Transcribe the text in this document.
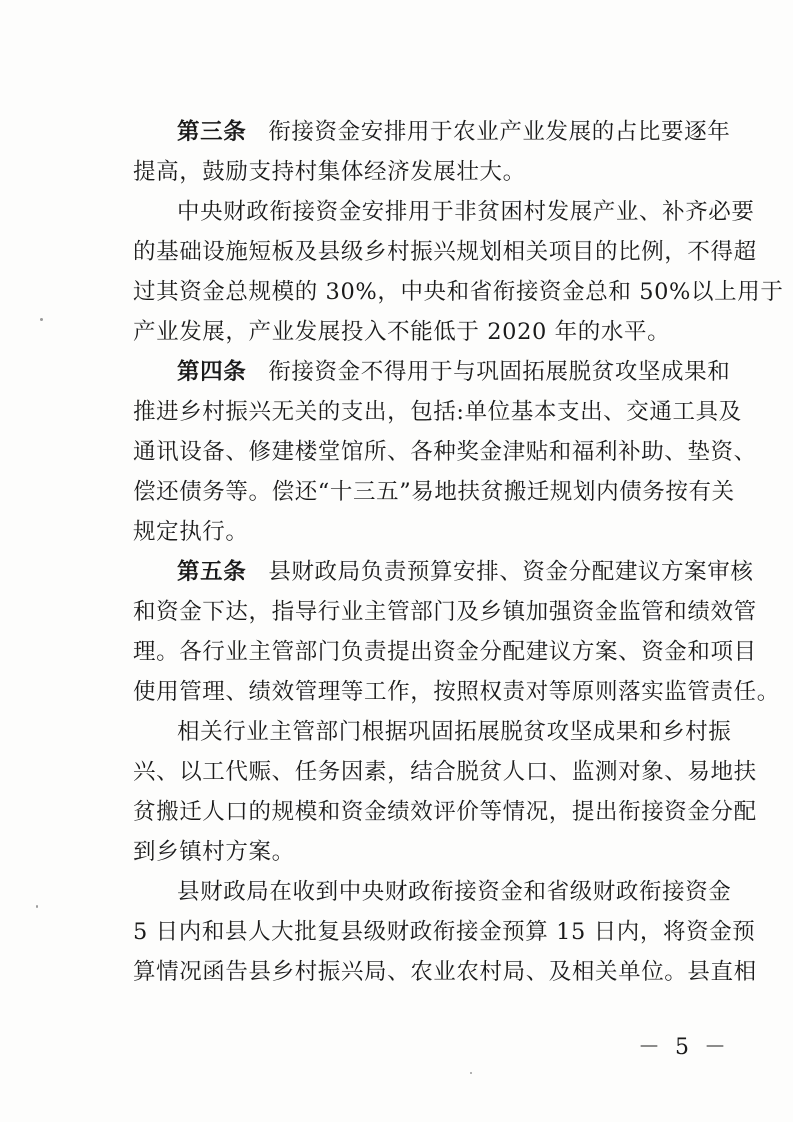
第三条 衔接资金安排用于农业产业发展的占比要逐年
提高，鼓励支持村集体经济发展壮大。
中央财政衔接资金安排用于非贫困村发展产业、补齐必要
的基础设施短板及县级乡村振兴规划相关项目的比例，不得超
过其资金总规模的 30%，中央和省衔接资金总和 50%以上用于
产业发展，产业发展投入不能低于 2020 年的水平。
第四条 衔接资金不得用于与巩固拓展脱贫攻坚成果和
推进乡村振兴无关的支出，包括:单位基本支出、交通工具及
通讯设备、修建楼堂馆所、各种奖金津贴和福利补助、垫资、
偿还债务等。偿还“十三五”易地扶贫搬迁规划内债务按有关
规定执行。
第五条 县财政局负责预算安排、资金分配建议方案审核
和资金下达，指导行业主管部门及乡镇加强资金监管和绩效管
理。各行业主管部门负责提出资金分配建议方案、资金和项目
使用管理、绩效管理等工作，按照权责对等原则落实监管责任。
相关行业主管部门根据巩固拓展脱贫攻坚成果和乡村振
兴、以工代赈、任务因素，结合脱贫人口、监测对象、易地扶
贫搬迁人口的规模和资金绩效评价等情况，提出衔接资金分配
到乡镇村方案。
县财政局在收到中央财政衔接资金和省级财政衔接资金
5 日内和县人大批复县级财政衔接金预算 15 日内，将资金预
算情况函告县乡村振兴局、农业农村局、及相关单位。县直相
－ 5 －
